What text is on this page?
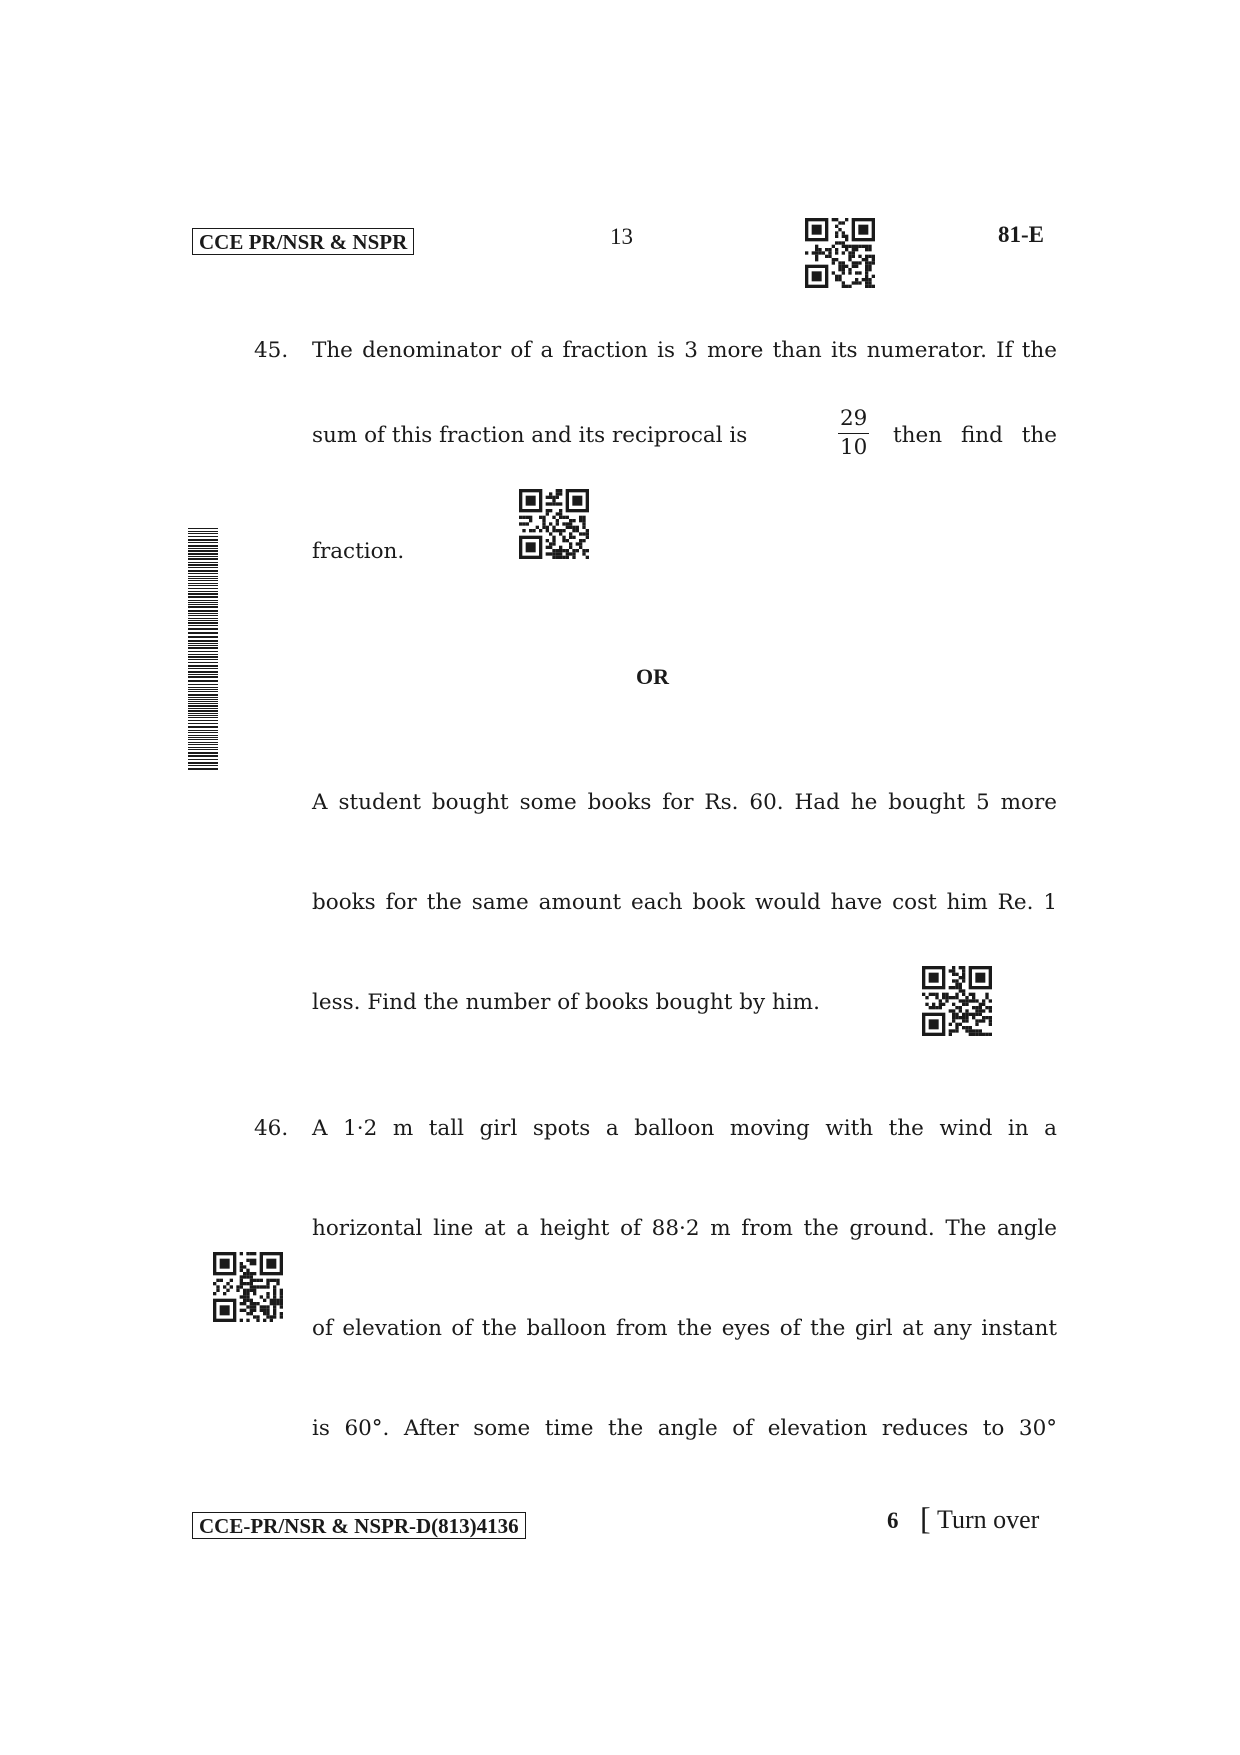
CCE PR/NSR & NSPR	13	81-E
45. The denominator of a fraction is 3 more than its numerator. If the
sum of this fraction and its reciprocal is	$\frac{29}{10}$ then find the
fraction.
OR
A student bought some books for Rs. 60. Had he bought 5 more
books for the same amount each book would have cost him Re. 1
less. Find the number of books bought by him.
46. A 1·2 m tall girl spots a balloon moving with the wind in a
horizontal line at a height of 88·2 m from the ground. The angle
of elevation of the balloon from the eyes of the girl at any instant
is 60°. After some time the angle of elevation reduces to 30°
CCE-PR/NSR & NSPR-D(813)4136	6 [ Turn over
